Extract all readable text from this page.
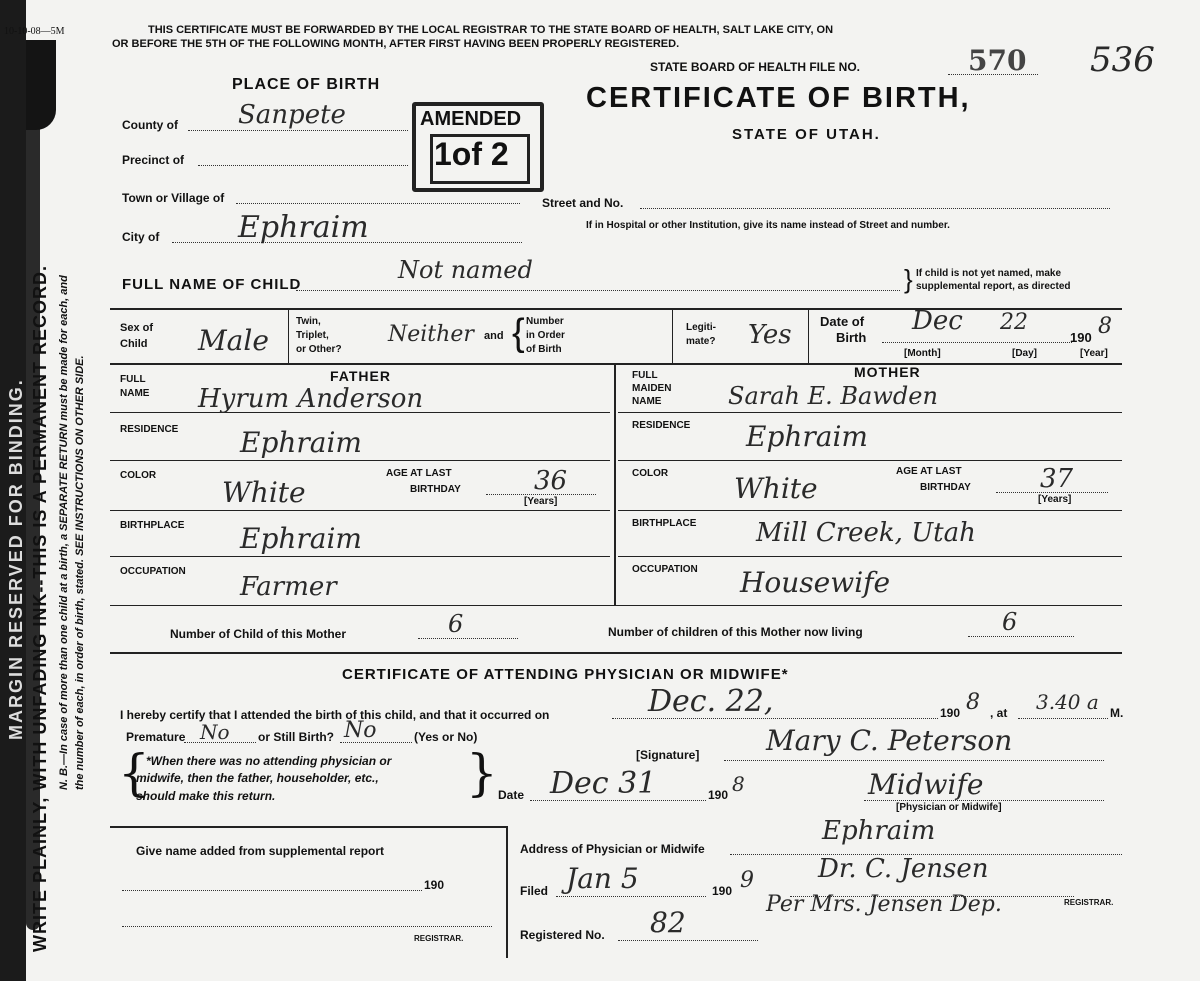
MARGIN RESERVED FOR BINDING. WRITE PLAINLY, WITH UNFADING INK--THIS IS A PERMANENT RECORD. N. B.—In case of more than one child at a birth, a SEPARATE RETURN must be made for each, and the number of each, in order of birth, stated. SEE INSTRUCTIONS ON OTHER SIDE.
10-10-08—5M	THIS CERTIFICATE MUST BE FORWARDED BY THE LOCAL REGISTRAR TO THE STATE BOARD OF HEALTH, SALT LAKE CITY, ON
OR BEFORE THE 5TH OF THE FOLLOWING MONTH, AFTER FIRST HAVING BEEN PROPERLY REGISTERED.
STATE BOARD OF HEALTH FILE NO.	570 536
CERTIFICATE OF BIRTH,
STATE OF UTAH.
PLACE OF BIRTH
County of Sanpete	AMENDED
1of 2
Precinct of
Town or Village of
City of	Ephraim
Street and No.
If in Hospital or other Institution, give its name instead of Street and number.
FULL NAME OF CHILD
Not named	} If child is not yet named, make
supplemental report, as directed
Sex of
Child Male
Twin,
Triplet,
or Other?
Neither and { Number
in Order
of Birth
Legiti-
mate? Yes Date of
Birth
Dec 22
190 8
[Month]	[Day]	[Year]
FATHER
FULL
NAME Hyrum Anderson
RESIDENCE Ephraim
COLOR
White
AGE AT LAST
BIRTHDAY	36
[Years]
BIRTHPLACE Ephraim
OCCUPATION
Farmer
MOTHER
FULL
MAIDEN
NAME	Sarah E. Bawden
RESIDENCE Ephraim
COLOR White
AGE AT LAST
BIRTHDAY	37
[Years]
BIRTHPLACE Mill Creek, Utah
OCCUPATION Housewife
Number of Child of this Mother	6	Number of children of this Mother now living	6
CERTIFICATE OF ATTENDING PHYSICIAN OR MIDWIFE*
I hereby certify that I attended the birth of this child, and that it occurred on	Dec. 22,	190 8 , at 3.40 a M.
Premature No or Still Birth? No	(Yes or No)
{
*When there was no attending physician or
midwife, then the father, householder, etc.,
should make this return.	}	[Signature] Mary C. Peterson
Date Dec 31	190 8	Midwife
[Physician or Midwife]
Give name added from supplemental report
190
REGISTRAR.
Address of Physician or Midwife
Ephraim
Filed Jan 5	190 9 Dr. C. Jensen
REGISTRAR.
Registered No. 82
Per Mrs. Jensen Dep.
